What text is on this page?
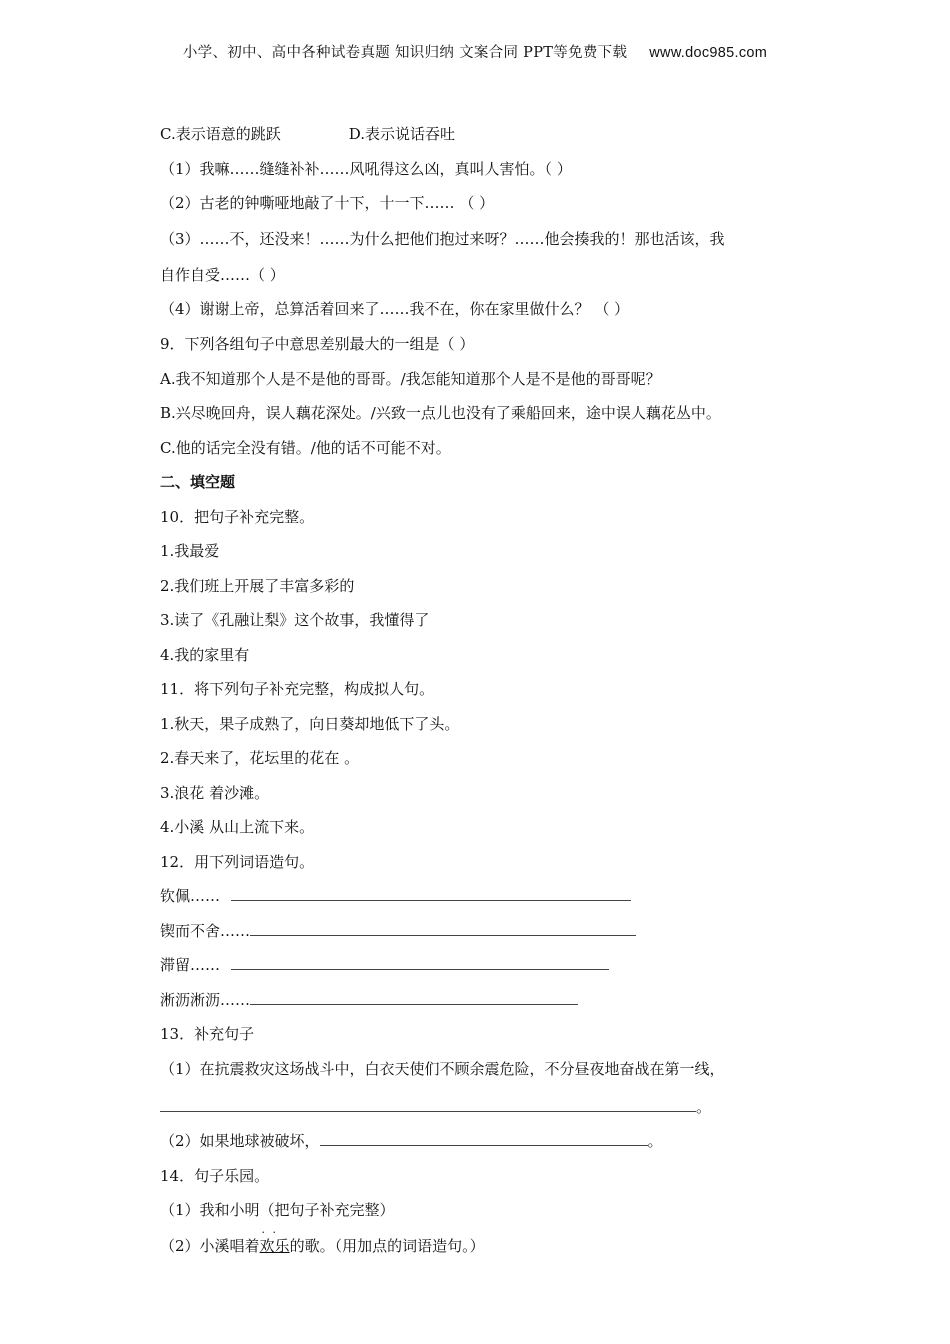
小学、初中、高中各种试卷真题 知识归纳 文案合同 PPT等免费下载 www.doc985.com
C.表示语意的跳跃	D.表示说话吞吐
（1）我嘛……缝缝补补……风吼得这么凶，真叫人害怕。（ ）
（2）古老的钟嘶哑地敲了十下，十一下…… （ ）
（3）……不，还没来！……为什么把他们抱过来呀？……他会揍我的！那也活该，我
自作自受……（ ）
（4）谢谢上帝，总算活着回来了……我不在，你在家里做什么？ （ ）
9．下列各组句子中意思差别最大的一组是（ ）
A.我不知道那个人是不是他的哥哥。/我怎能知道那个人是不是他的哥哥呢？
B.兴尽晚回舟，误人藕花深处。/兴致一点儿也没有了乘船回来，途中误人藕花丛中。
C.他的话完全没有错。/他的话不可能不对。
二、填空题
10．把句子补充完整。
1.我最爱
2.我们班上开展了丰富多彩的
3.读了《孔融让梨》这个故事，我懂得了
4.我的家里有
11．将下列句子补充完整，构成拟人句。
1.秋天，果子成熟了，向日葵却地低下了头。
2.春天来了，花坛里的花在 。
3.浪花 着沙滩。
4.小溪 从山上流下来。
12．用下列词语造句。
钦佩……
锲而不舍……
滞留……
淅沥淅沥……
13．补充句子
（1）在抗震救灾这场战斗中，白衣天使们不顾余震危险，不分昼夜地奋战在第一线，
。
（2）如果地球被破坏，	。
14．句子乐园。
（1）我和小明（把句子补充完整）
（2）小溪唱着· · 欢乐的歌。（用加点的词语造句。）
